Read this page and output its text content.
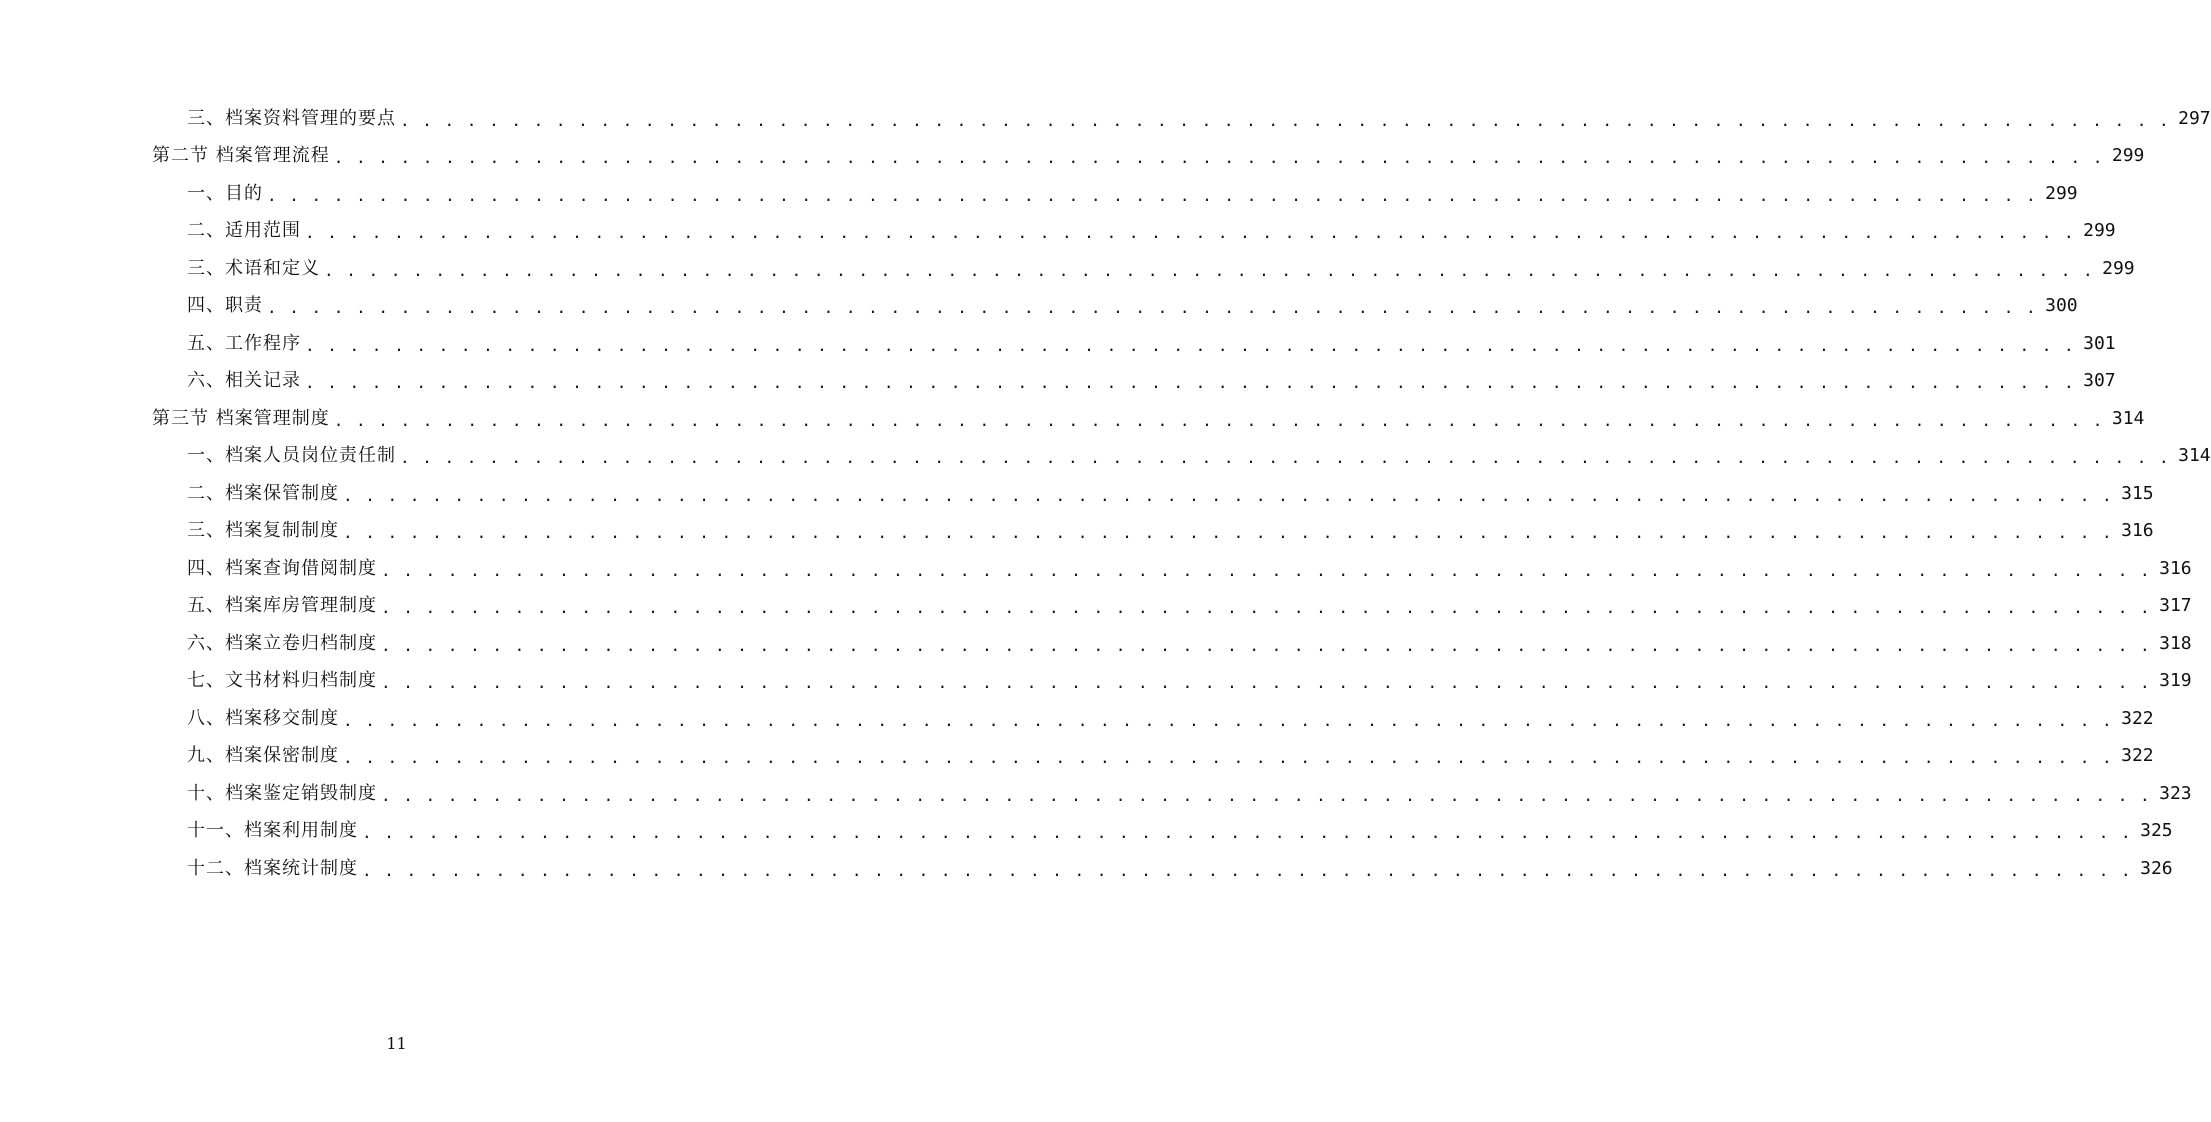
三、档案资料管理的要点 . . . . . . . . . . . . . . . . . . . . . . . . . . . . . . . . . . . . . . . . . . . . . . . . . . . . . . . . . . . . . . . . . . . . . . . . . . . . . . . . 297
第二节 档案管理流程 . . . . . . . . . . . . . . . . . . . . . . . . . . . . . . . . . . . . . . . . . . . . . . . . . . . . . . . . . . . . . . . . . . . . . . . . . . . . . . . . 299
一、目的 . . . . . . . . . . . . . . . . . . . . . . . . . . . . . . . . . . . . . . . . . . . . . . . . . . . . . . . . . . . . . . . . . . . . . . . . . . . . . . . . 299
二、适用范围 . . . . . . . . . . . . . . . . . . . . . . . . . . . . . . . . . . . . . . . . . . . . . . . . . . . . . . . . . . . . . . . . . . . . . . . . . . . . . . . . 299
三、术语和定义 . . . . . . . . . . . . . . . . . . . . . . . . . . . . . . . . . . . . . . . . . . . . . . . . . . . . . . . . . . . . . . . . . . . . . . . . . . . . . . . . 299
四、职责 . . . . . . . . . . . . . . . . . . . . . . . . . . . . . . . . . . . . . . . . . . . . . . . . . . . . . . . . . . . . . . . . . . . . . . . . . . . . . . . . 300
五、工作程序 . . . . . . . . . . . . . . . . . . . . . . . . . . . . . . . . . . . . . . . . . . . . . . . . . . . . . . . . . . . . . . . . . . . . . . . . . . . . . . . . 301
六、相关记录 . . . . . . . . . . . . . . . . . . . . . . . . . . . . . . . . . . . . . . . . . . . . . . . . . . . . . . . . . . . . . . . . . . . . . . . . . . . . . . . . 307
第三节 档案管理制度 . . . . . . . . . . . . . . . . . . . . . . . . . . . . . . . . . . . . . . . . . . . . . . . . . . . . . . . . . . . . . . . . . . . . . . . . . . . . . . . . 314
一、档案人员岗位责任制 . . . . . . . . . . . . . . . . . . . . . . . . . . . . . . . . . . . . . . . . . . . . . . . . . . . . . . . . . . . . . . . . . . . . . . . . . . . . . . . . 314
二、档案保管制度 . . . . . . . . . . . . . . . . . . . . . . . . . . . . . . . . . . . . . . . . . . . . . . . . . . . . . . . . . . . . . . . . . . . . . . . . . . . . . . . . 315
三、档案复制制度 . . . . . . . . . . . . . . . . . . . . . . . . . . . . . . . . . . . . . . . . . . . . . . . . . . . . . . . . . . . . . . . . . . . . . . . . . . . . . . . . 316
四、档案查询借阅制度 . . . . . . . . . . . . . . . . . . . . . . . . . . . . . . . . . . . . . . . . . . . . . . . . . . . . . . . . . . . . . . . . . . . . . . . . . . . . . . . . 316
五、档案库房管理制度 . . . . . . . . . . . . . . . . . . . . . . . . . . . . . . . . . . . . . . . . . . . . . . . . . . . . . . . . . . . . . . . . . . . . . . . . . . . . . . . . 317
六、档案立卷归档制度 . . . . . . . . . . . . . . . . . . . . . . . . . . . . . . . . . . . . . . . . . . . . . . . . . . . . . . . . . . . . . . . . . . . . . . . . . . . . . . . . 318
七、文书材料归档制度 . . . . . . . . . . . . . . . . . . . . . . . . . . . . . . . . . . . . . . . . . . . . . . . . . . . . . . . . . . . . . . . . . . . . . . . . . . . . . . . . 319
八、档案移交制度 . . . . . . . . . . . . . . . . . . . . . . . . . . . . . . . . . . . . . . . . . . . . . . . . . . . . . . . . . . . . . . . . . . . . . . . . . . . . . . . . 322
九、档案保密制度 . . . . . . . . . . . . . . . . . . . . . . . . . . . . . . . . . . . . . . . . . . . . . . . . . . . . . . . . . . . . . . . . . . . . . . . . . . . . . . . . 322
十、档案鉴定销毁制度 . . . . . . . . . . . . . . . . . . . . . . . . . . . . . . . . . . . . . . . . . . . . . . . . . . . . . . . . . . . . . . . . . . . . . . . . . . . . . . . . 323
十一、档案利用制度 . . . . . . . . . . . . . . . . . . . . . . . . . . . . . . . . . . . . . . . . . . . . . . . . . . . . . . . . . . . . . . . . . . . . . . . . . . . . . . . . 325
十二、档案统计制度 . . . . . . . . . . . . . . . . . . . . . . . . . . . . . . . . . . . . . . . . . . . . . . . . . . . . . . . . . . . . . . . . . . . . . . . . . . . . . . . . 326
11
